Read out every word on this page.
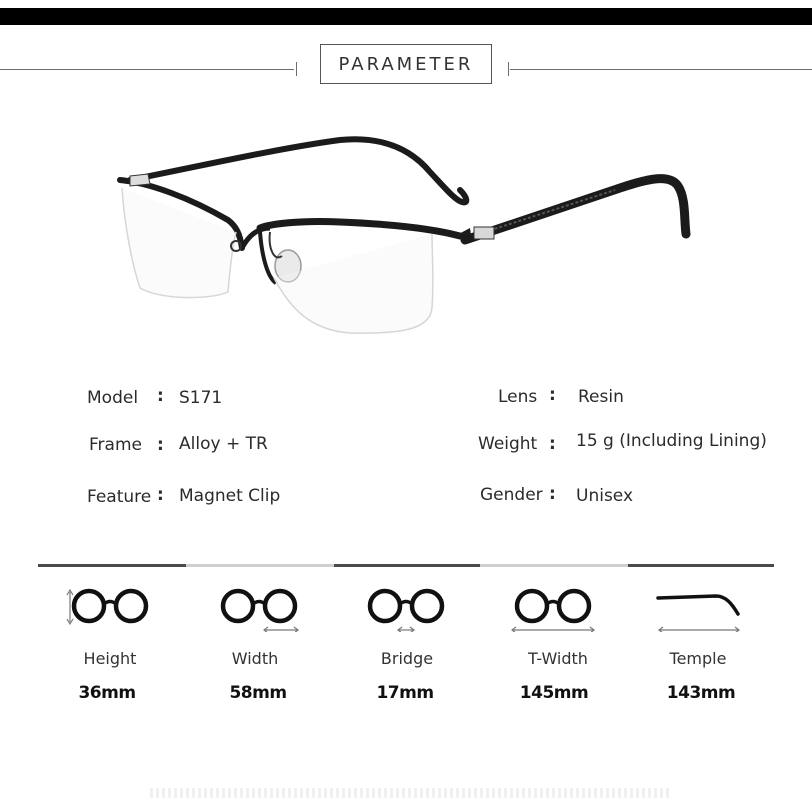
PARAMETER
Model : S171
Frame : Alloy + TR
Feature : Magnet Clip
Lens : Resin
Weight : 15 g (Including Lining)
Gender : Unisex
Height	Width	Bridge	T-Width	Temple
36mm	58mm	17mm	145mm	143mm
